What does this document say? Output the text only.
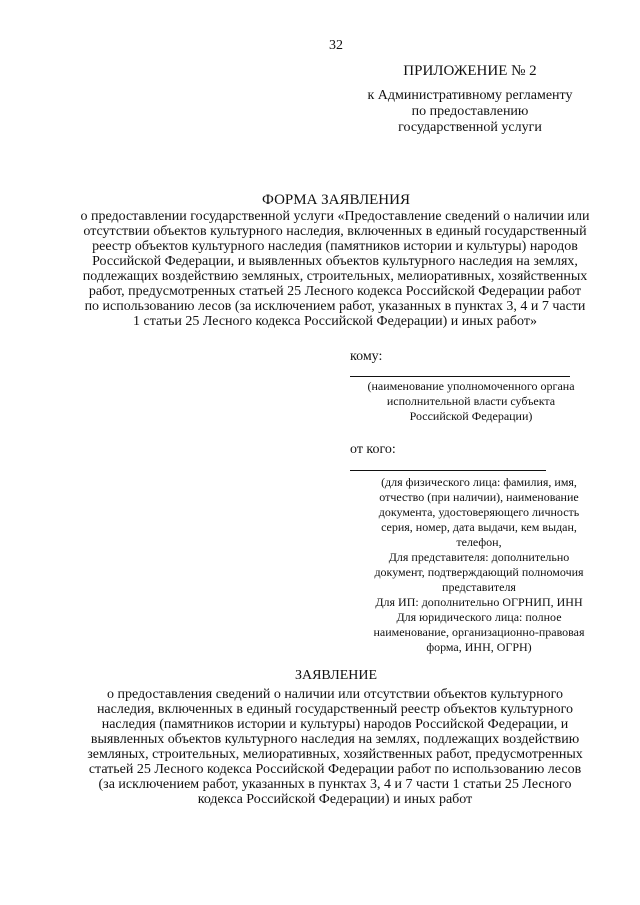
32
ПРИЛОЖЕНИЕ № 2
к Административному регламенту
по предоставлению
государственной услуги
ФОРМА ЗАЯВЛЕНИЯ
о предоставлении государственной услуги «Предоставление сведений о наличии или отсутствии объектов культурного наследия, включенных в единый государственный реестр объектов культурного наследия (памятников истории и культуры) народов Российской Федерации, и выявленных объектов культурного наследия на землях, подлежащих воздействию земляных, строительных, мелиоративных, хозяйственных работ, предусмотренных статьей 25 Лесного кодекса Российской Федерации работ по использованию лесов (за исключением работ, указанных в пунктах 3, 4 и 7 части 1 статьи 25 Лесного кодекса Российской Федерации) и иных работ»
кому:
(наименование уполномоченного органа
исполнительной власти субъекта
Российской Федерации)
от кого:
(для физического лица: фамилия, имя,
отчество (при наличии), наименование
документа, удостоверяющего личность
серия, номер, дата выдачи, кем выдан,
телефон,
Для представителя: дополнительно
документ, подтверждающий полномочия
представителя
Для ИП: дополнительно ОГРНИП, ИНН
Для юридического лица: полное
наименование, организационно-правовая
форма, ИНН, ОГРН)
ЗАЯВЛЕНИЕ
о предоставления сведений о наличии или отсутствии объектов культурного наследия, включенных в единый государственный реестр объектов культурного наследия (памятников истории и культуры) народов Российской Федерации, и выявленных объектов культурного наследия на землях, подлежащих воздействию земляных, строительных, мелиоративных, хозяйственных работ, предусмотренных статьей 25 Лесного кодекса Российской Федерации работ по использованию лесов (за исключением работ, указанных в пунктах 3, 4 и 7 части 1 статьи 25 Лесного кодекса Российской Федерации) и иных работ
